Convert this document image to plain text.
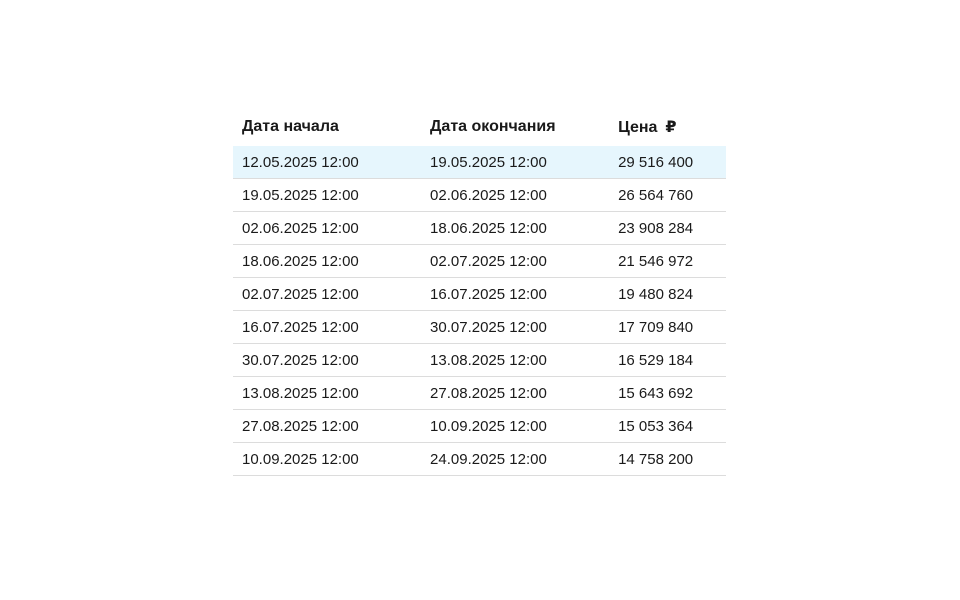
Дата начала	Дата окончания	Цена ₽
12.05.2025 12:00	19.05.2025 12:00	29 516 400
19.05.2025 12:00	02.06.2025 12:00	26 564 760
02.06.2025 12:00	18.06.2025 12:00	23 908 284
18.06.2025 12:00	02.07.2025 12:00	21 546 972
02.07.2025 12:00	16.07.2025 12:00	19 480 824
16.07.2025 12:00	30.07.2025 12:00	17 709 840
30.07.2025 12:00	13.08.2025 12:00	16 529 184
13.08.2025 12:00	27.08.2025 12:00	15 643 692
27.08.2025 12:00	10.09.2025 12:00	15 053 364
10.09.2025 12:00	24.09.2025 12:00	14 758 200
